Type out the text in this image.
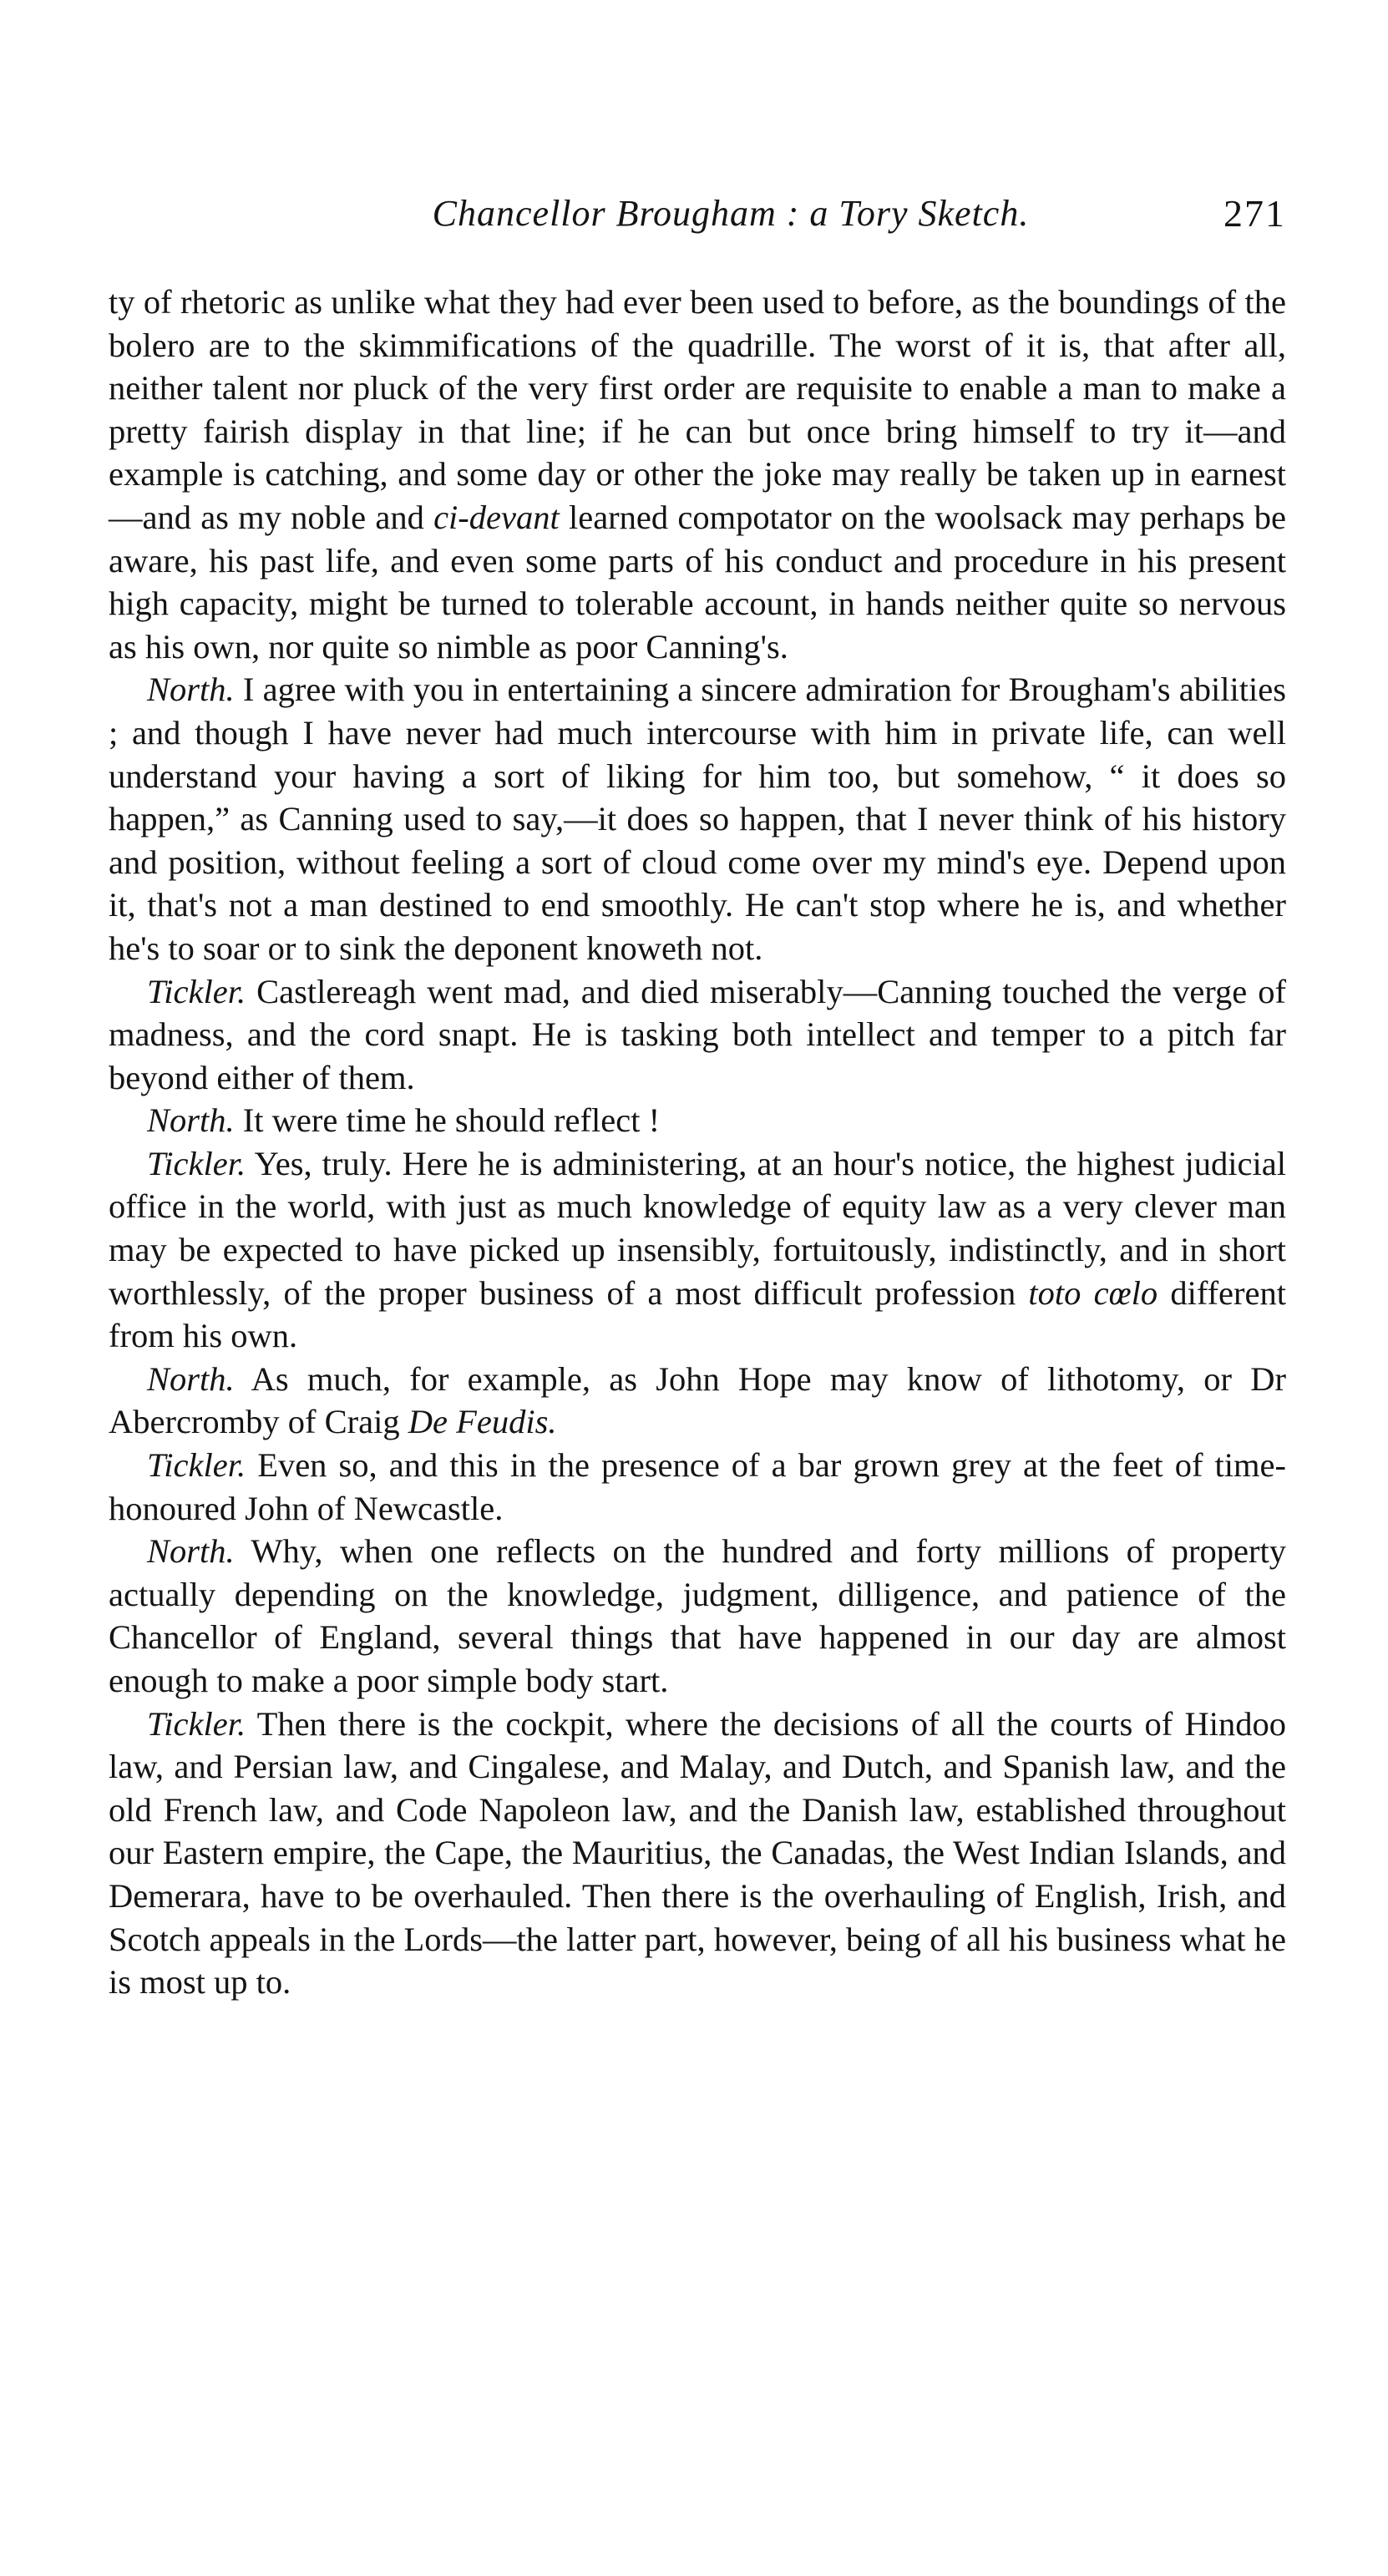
Chancellor Brougham : a Tory Sketch.	271

ty of rhetoric as unlike what they had ever been used to before, as the boundings of the bolero are to the skimmifications of the quadrille. The worst of it is, that after all, neither talent nor pluck of the very first order are requisite to enable a man to make a pretty fairish display in that line; if he can but once bring himself to try it—and example is catching, and some day or other the joke may really be taken up in earnest—and as my noble and ci-devant learned compotator on the woolsack may perhaps be aware, his past life, and even some parts of his conduct and procedure in his present high capacity, might be turned to tolerable account, in hands neither quite so nervous as his own, nor quite so nimble as poor Canning's.

North. I agree with you in entertaining a sincere admiration for Brougham's abilities ; and though I have never had much intercourse with him in private life, can well understand your having a sort of liking for him too, but somehow, “ it does so happen,” as Canning used to say,—it does so happen, that I never think of his history and position, without feeling a sort of cloud come over my mind's eye. Depend upon it, that's not a man destined to end smoothly. He can't stop where he is, and whether he's to soar or to sink the deponent knoweth not.

Tickler. Castlereagh went mad, and died miserably—Canning touched the verge of madness, and the cord snapt. He is tasking both intellect and temper to a pitch far beyond either of them.

North. It were time he should reflect !

Tickler. Yes, truly. Here he is administering, at an hour's notice, the highest judicial office in the world, with just as much knowledge of equity law as a very clever man may be expected to have picked up insensibly, fortuitously, indistinctly, and in short worthlessly, of the proper business of a most difficult profession toto cœlo different from his own.

North. As much, for example, as John Hope may know of lithotomy, or Dr Abercromby of Craig De Feudis.

Tickler. Even so, and this in the presence of a bar grown grey at the feet of time-honoured John of Newcastle.

North. Why, when one reflects on the hundred and forty millions of property actually depending on the knowledge, judgment, dilligence, and patience of the Chancellor of England, several things that have happened in our day are almost enough to make a poor simple body start.

Tickler. Then there is the cockpit, where the decisions of all the courts of Hindoo law, and Persian law, and Cingalese, and Malay, and Dutch, and Spanish law, and the old French law, and Code Napoleon law, and the Danish law, established throughout our Eastern empire, the Cape, the Mauritius, the Canadas, the West Indian Islands, and Demerara, have to be overhauled. Then there is the overhauling of English, Irish, and Scotch appeals in the Lords—the latter part, however, being of all his business what he is most up to.
